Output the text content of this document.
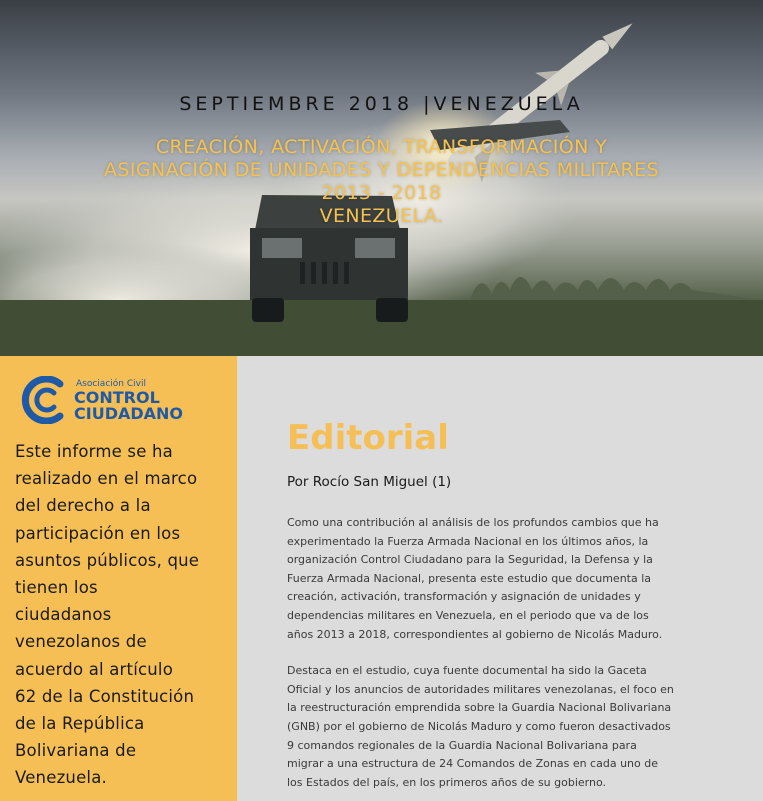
SEPTIEMBRE 2018 |VENEZUELA
CREACIÓN, ACTIVACIÓN, TRANSFORMACIÓN Y
ASIGNACIÓN DE UNIDADES Y DEPENDENCIAS MILITARES
2013 - 2018
VENEZUELA.
Asociación Civil
CONTROL
CIUDADANO
Este informe se ha
realizado en el marco
del derecho a la
participación en los
asuntos públicos, que
tienen los
ciudadanos
venezolanos de
acuerdo al artículo
62 de la Constitución
de la República
Bolivariana de
Venezuela.
Editorial
Por Rocío San Miguel (1)

Como una contribución al análisis de los profundos cambios que ha
experimentado la Fuerza Armada Nacional en los últimos años, la
organización Control Ciudadano para la Seguridad, la Defensa y la
Fuerza Armada Nacional, presenta este estudio que documenta la
creación, activación, transformación y asignación de unidades y
dependencias militares en Venezuela, en el periodo que va de los
años 2013 a 2018, correspondientes al gobierno de Nicolás Maduro.

Destaca en el estudio, cuya fuente documental ha sido la Gaceta
Oficial y los anuncios de autoridades militares venezolanas, el foco en
la reestructuración emprendida sobre la Guardia Nacional Bolivariana
(GNB) por el gobierno de Nicolás Maduro y como fueron desactivados
9 comandos regionales de la Guardia Nacional Bolivariana para
migrar a una estructura de 24 Comandos de Zonas en cada uno de
los Estados del país, en los primeros años de su gobierno.
